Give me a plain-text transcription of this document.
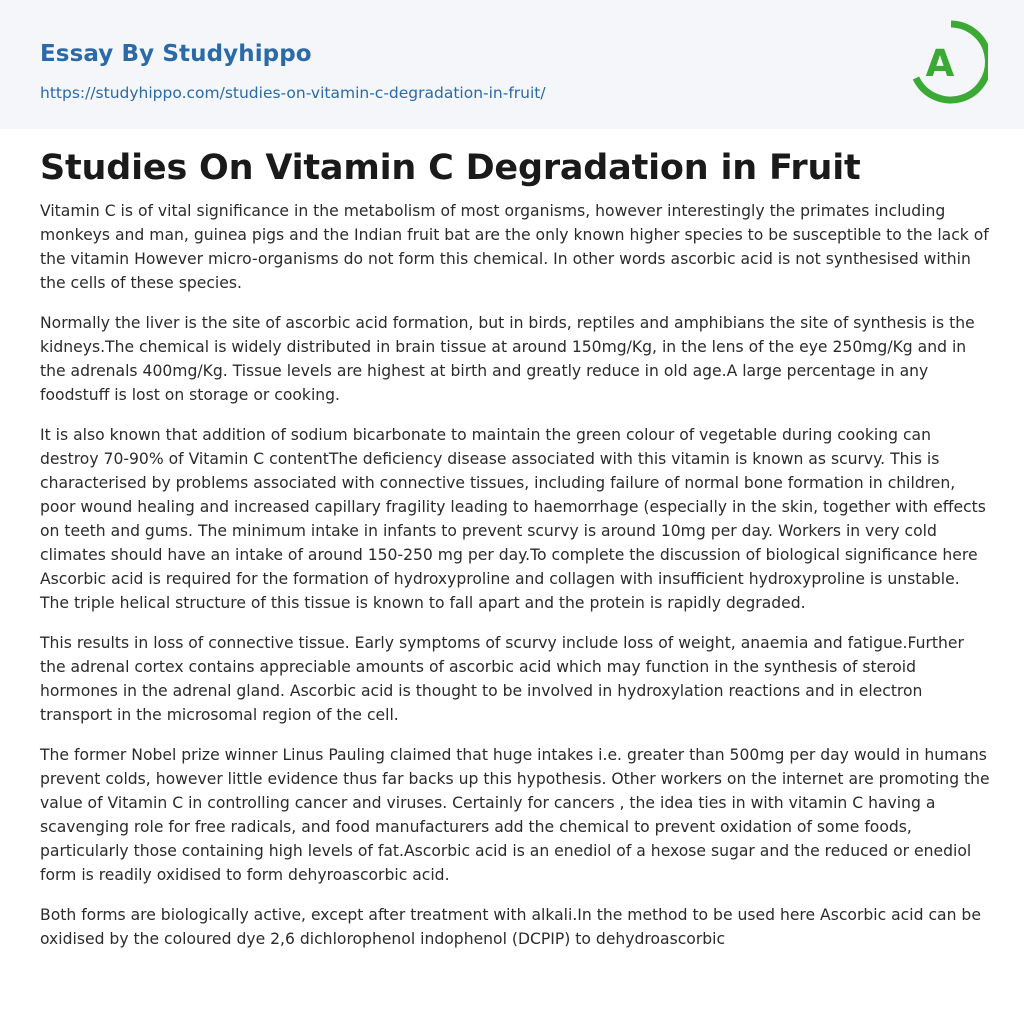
Essay By Studyhippo
https://studyhippo.com/studies-on-vitamin-c-degradation-in-fruit/
A
Studies On Vitamin C Degradation in Fruit

Vitamin C is of vital significance in the metabolism of most organisms, however interestingly the primates including monkeys and man, guinea pigs and the Indian fruit bat are the only known higher species to be susceptible to the lack of the vitamin However micro-organisms do not form this chemical. In other words ascorbic acid is not synthesised within the cells of these species.

Normally the liver is the site of ascorbic acid formation, but in birds, reptiles and amphibians the site of synthesis is the kidneys.The chemical is widely distributed in brain tissue at around 150mg/Kg, in the lens of the eye 250mg/Kg and in the adrenals 400mg/Kg. Tissue levels are highest at birth and greatly reduce in old age.A large percentage in any foodstuff is lost on storage or cooking.

It is also known that addition of sodium bicarbonate to maintain the green colour of vegetable during cooking can destroy 70-90% of Vitamin C contentThe deficiency disease associated with this vitamin is known as scurvy. This is characterised by problems associated with connective tissues, including failure of normal bone formation in children, poor wound healing and increased capillary fragility leading to haemorrhage (especially in the skin, together with effects on teeth and gums. The minimum intake in infants to prevent scurvy is around 10mg per day. Workers in very cold climates should have an intake of around 150-250 mg per day.To complete the discussion of biological significance here Ascorbic acid is required for the formation of hydroxyproline and collagen with insufficient hydroxyproline is unstable. The triple helical structure of this tissue is known to fall apart and the protein is rapidly degraded.

This results in loss of connective tissue. Early symptoms of scurvy include loss of weight, anaemia and fatigue.Further the adrenal cortex contains appreciable amounts of ascorbic acid which may function in the synthesis of steroid hormones in the adrenal gland. Ascorbic acid is thought to be involved in hydroxylation reactions and in electron transport in the microsomal region of the cell.

The former Nobel prize winner Linus Pauling claimed that huge intakes i.e. greater than 500mg per day would in humans prevent colds, however little evidence thus far backs up this hypothesis. Other workers on the internet are promoting the value of Vitamin C in controlling cancer and viruses. Certainly for cancers , the idea ties in with vitamin C having a scavenging role for free radicals, and food manufacturers add the chemical to prevent oxidation of some foods, particularly those containing high levels of fat.Ascorbic acid is an enediol of a hexose sugar and the reduced or enediol form is readily oxidised to form dehyroascorbic acid.

Both forms are biologically active, except after treatment with alkali.In the method to be used here Ascorbic acid can be oxidised by the coloured dye 2,6 dichlorophenol indophenol (DCPIP) to dehydroascorbic
